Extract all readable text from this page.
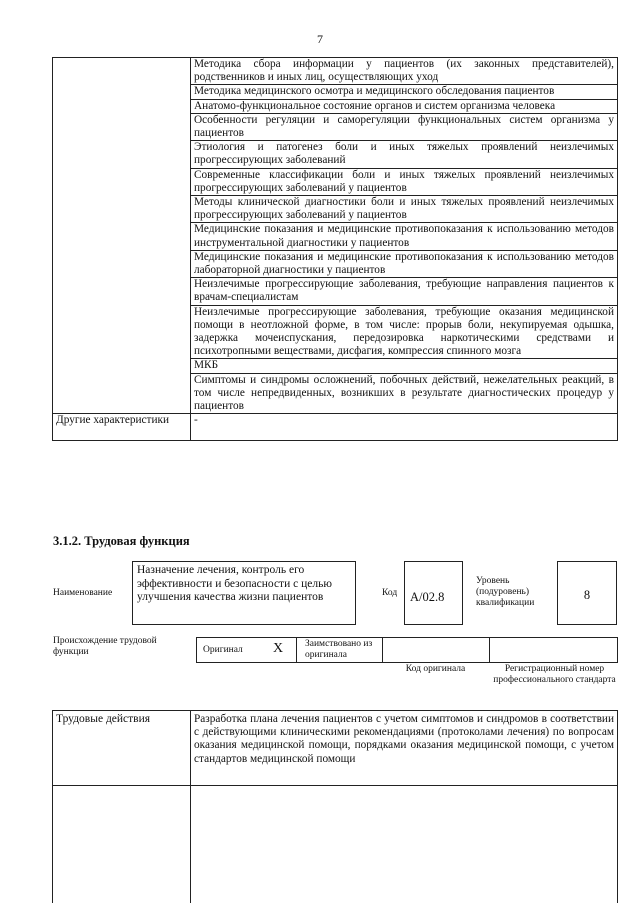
7
	Методика сбора информации у пациентов (их законных представителей), родственников и иных лиц, осуществляющих уход
	Методика медицинского осмотра и медицинского обследования пациентов
	Анатомо-функциональное состояние органов и систем организма человека
	Особенности регуляции и саморегуляции функциональных систем организма у пациентов
	Этиология и патогенез боли и иных тяжелых проявлений неизлечимых прогрессирующих заболеваний
	Современные классификации боли и иных тяжелых проявлений неизлечимых прогрессирующих заболеваний у пациентов
	Методы клинической диагностики боли и иных тяжелых проявлений неизлечимых прогрессирующих заболеваний у пациентов
	Медицинские показания и медицинские противопоказания к использованию методов инструментальной диагностики у пациентов
	Медицинские показания и медицинские противопоказания к использованию методов лабораторной диагностики у пациентов
	Неизлечимые прогрессирующие заболевания, требующие направления пациентов к врачам-специалистам
	Неизлечимые прогрессирующие заболевания, требующие оказания медицинской помощи в неотложной форме, в том числе: прорыв боли, некупируемая одышка, задержка мочеиспускания, передозировка наркотическими средствами и психотропными веществами, дисфагия, компрессия спинного мозга
	МКБ
	Симптомы и синдромы осложнений, побочных действий, нежелательных реакций, в том числе непредвиденных, возникших в результате диагностических процедур у пациентов
Другие характеристики	-
3.1.2. Трудовая функция
Наименование
Назначение лечения, контроль его эффективности и безопасности с целью улучшения качества жизни пациентов	Код	A/02.8
Уровень (подуровень) квалификации
8
Происхождение трудовой функции	Оригинал X Заимствовано из оригинала
Код оригинала	Регистрационный номер профессионального стандарта
Трудовые действия	Разработка плана лечения пациентов с учетом симптомов и синдромов в соответствии с действующими клиническими рекомендациями (протоколами лечения) по вопросам оказания медицинской помощи, порядками оказания медицинской помощи, с учетом стандартов медицинской помощи
